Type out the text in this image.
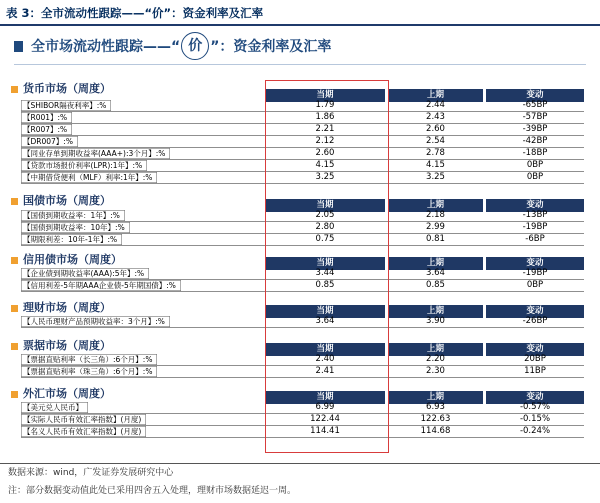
表 3：全市流动性跟踪——“价”：资金利率及汇率
全市场流动性跟踪——“ 价 ”：资金利率及汇率
货币市场（周度）	当期	上期	变动
【SHIBOR隔夜利率】:%	1.79	2.44	-65BP
【R001】:%	1.86	2.43	-57BP
【R007】:%	2.21	2.60	-39BP
【DR007】:%	2.12	2.54	-42BP
【同业存单到期收益率(AAA+):3个月】:%	2.60	2.78	-18BP
【贷款市场报价利率(LPR):1年】:%	4.15	4.15	0BP
【中期借贷便利（MLF）利率:1年】:%	3.25	3.25	0BP
国债市场（周度）	当期	上期	变动
【国债到期收益率：1年】:%	2.05	2.18	-13BP
【国债到期收益率：10年】:%	2.80	2.99	-19BP
【期限利差：10年-1年】:%	0.75	0.81	-6BP
信用债市场（周度）	当期	上期	变动
【企业债到期收益率(AAA):5年】:%	3.44	3.64	-19BP
【信用利差-5年期AAA企业债-5年期国债】:%	0.85	0.85	0BP
理财市场（周度）	当期	上期	变动
【人民币理财产品预期收益率：3个月】:%	3.64	3.90	-26BP
票据市场（周度）	当期	上期	变动
【票据直贴利率（长三角）:6个月】:%	2.40	2.20	20BP
【票据直贴利率（珠三角）:6个月】:%	2.41	2.30	11BP
外汇市场（周度）	当期	上期	变动
【美元兑人民币】	6.99	6.93	-0.57%
【实际人民币有效汇率指数】(月度)	122.44	122.63	-0.15%
【名义人民币有效汇率指数】(月度)	114.41	114.68	-0.24%
数据来源：wind，广发证券发展研究中心
注：部分数据变动值此处已采用四舍五入处理，理财市场数据延迟一周。
